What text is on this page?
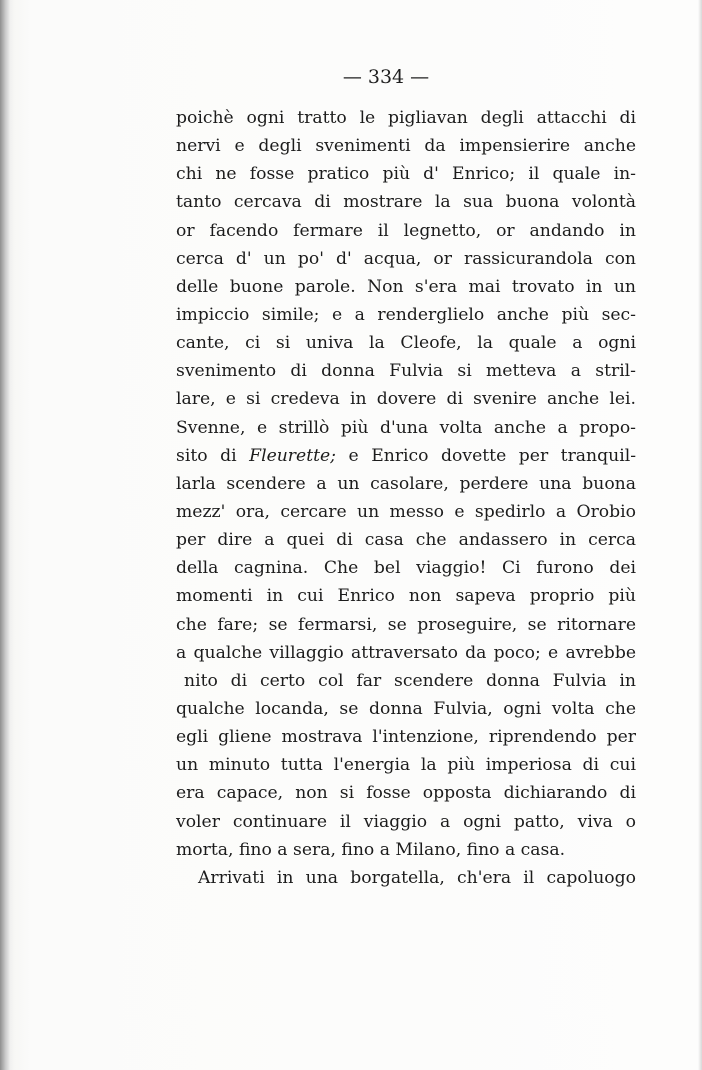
— 334 —
poichè ogni tratto le pigliavan degli attacchi di
nervi e degli svenimenti da impensierire anche
chi ne fosse pratico più d' Enrico; il quale in-
tanto cercava di mostrare la sua buona volontà
or facendo fermare il legnetto, or andando in
cerca d' un po' d' acqua, or rassicurandola con
delle buone parole. Non s'era mai trovato in un
impiccio simile; e a renderglielo anche più sec-
cante, ci si univa la Cleofe, la quale a ogni
svenimento di donna Fulvia si metteva a stril-
lare, e si credeva in dovere di svenire anche lei.
Svenne, e strillò più d'una volta anche a propo-
sito di Fleurette; e Enrico dovette per tranquil-
larla scendere a un casolare, perdere una buona
mezz' ora, cercare un messo e spedirlo a Orobio
per dire a quei di casa che andassero in cerca
della cagnina. Che bel viaggio! Ci furono dei
momenti in cui Enrico non sapeva proprio più
che fare; se fermarsi, se proseguire, se ritornare
a qualche villaggio attraversato da poco; e avrebbe
nito di certo col far scendere donna Fulvia in
qualche locanda, se donna Fulvia, ogni volta che
egli gliene mostrava l'intenzione, riprendendo per
un minuto tutta l'energia la più imperiosa di cui
era capace, non si fosse opposta dichiarando di
voler continuare il viaggio a ogni patto, viva o
morta, fino a sera, fino a Milano, fino a casa.
Arrivati in una borgatella, ch'era il capoluogo
